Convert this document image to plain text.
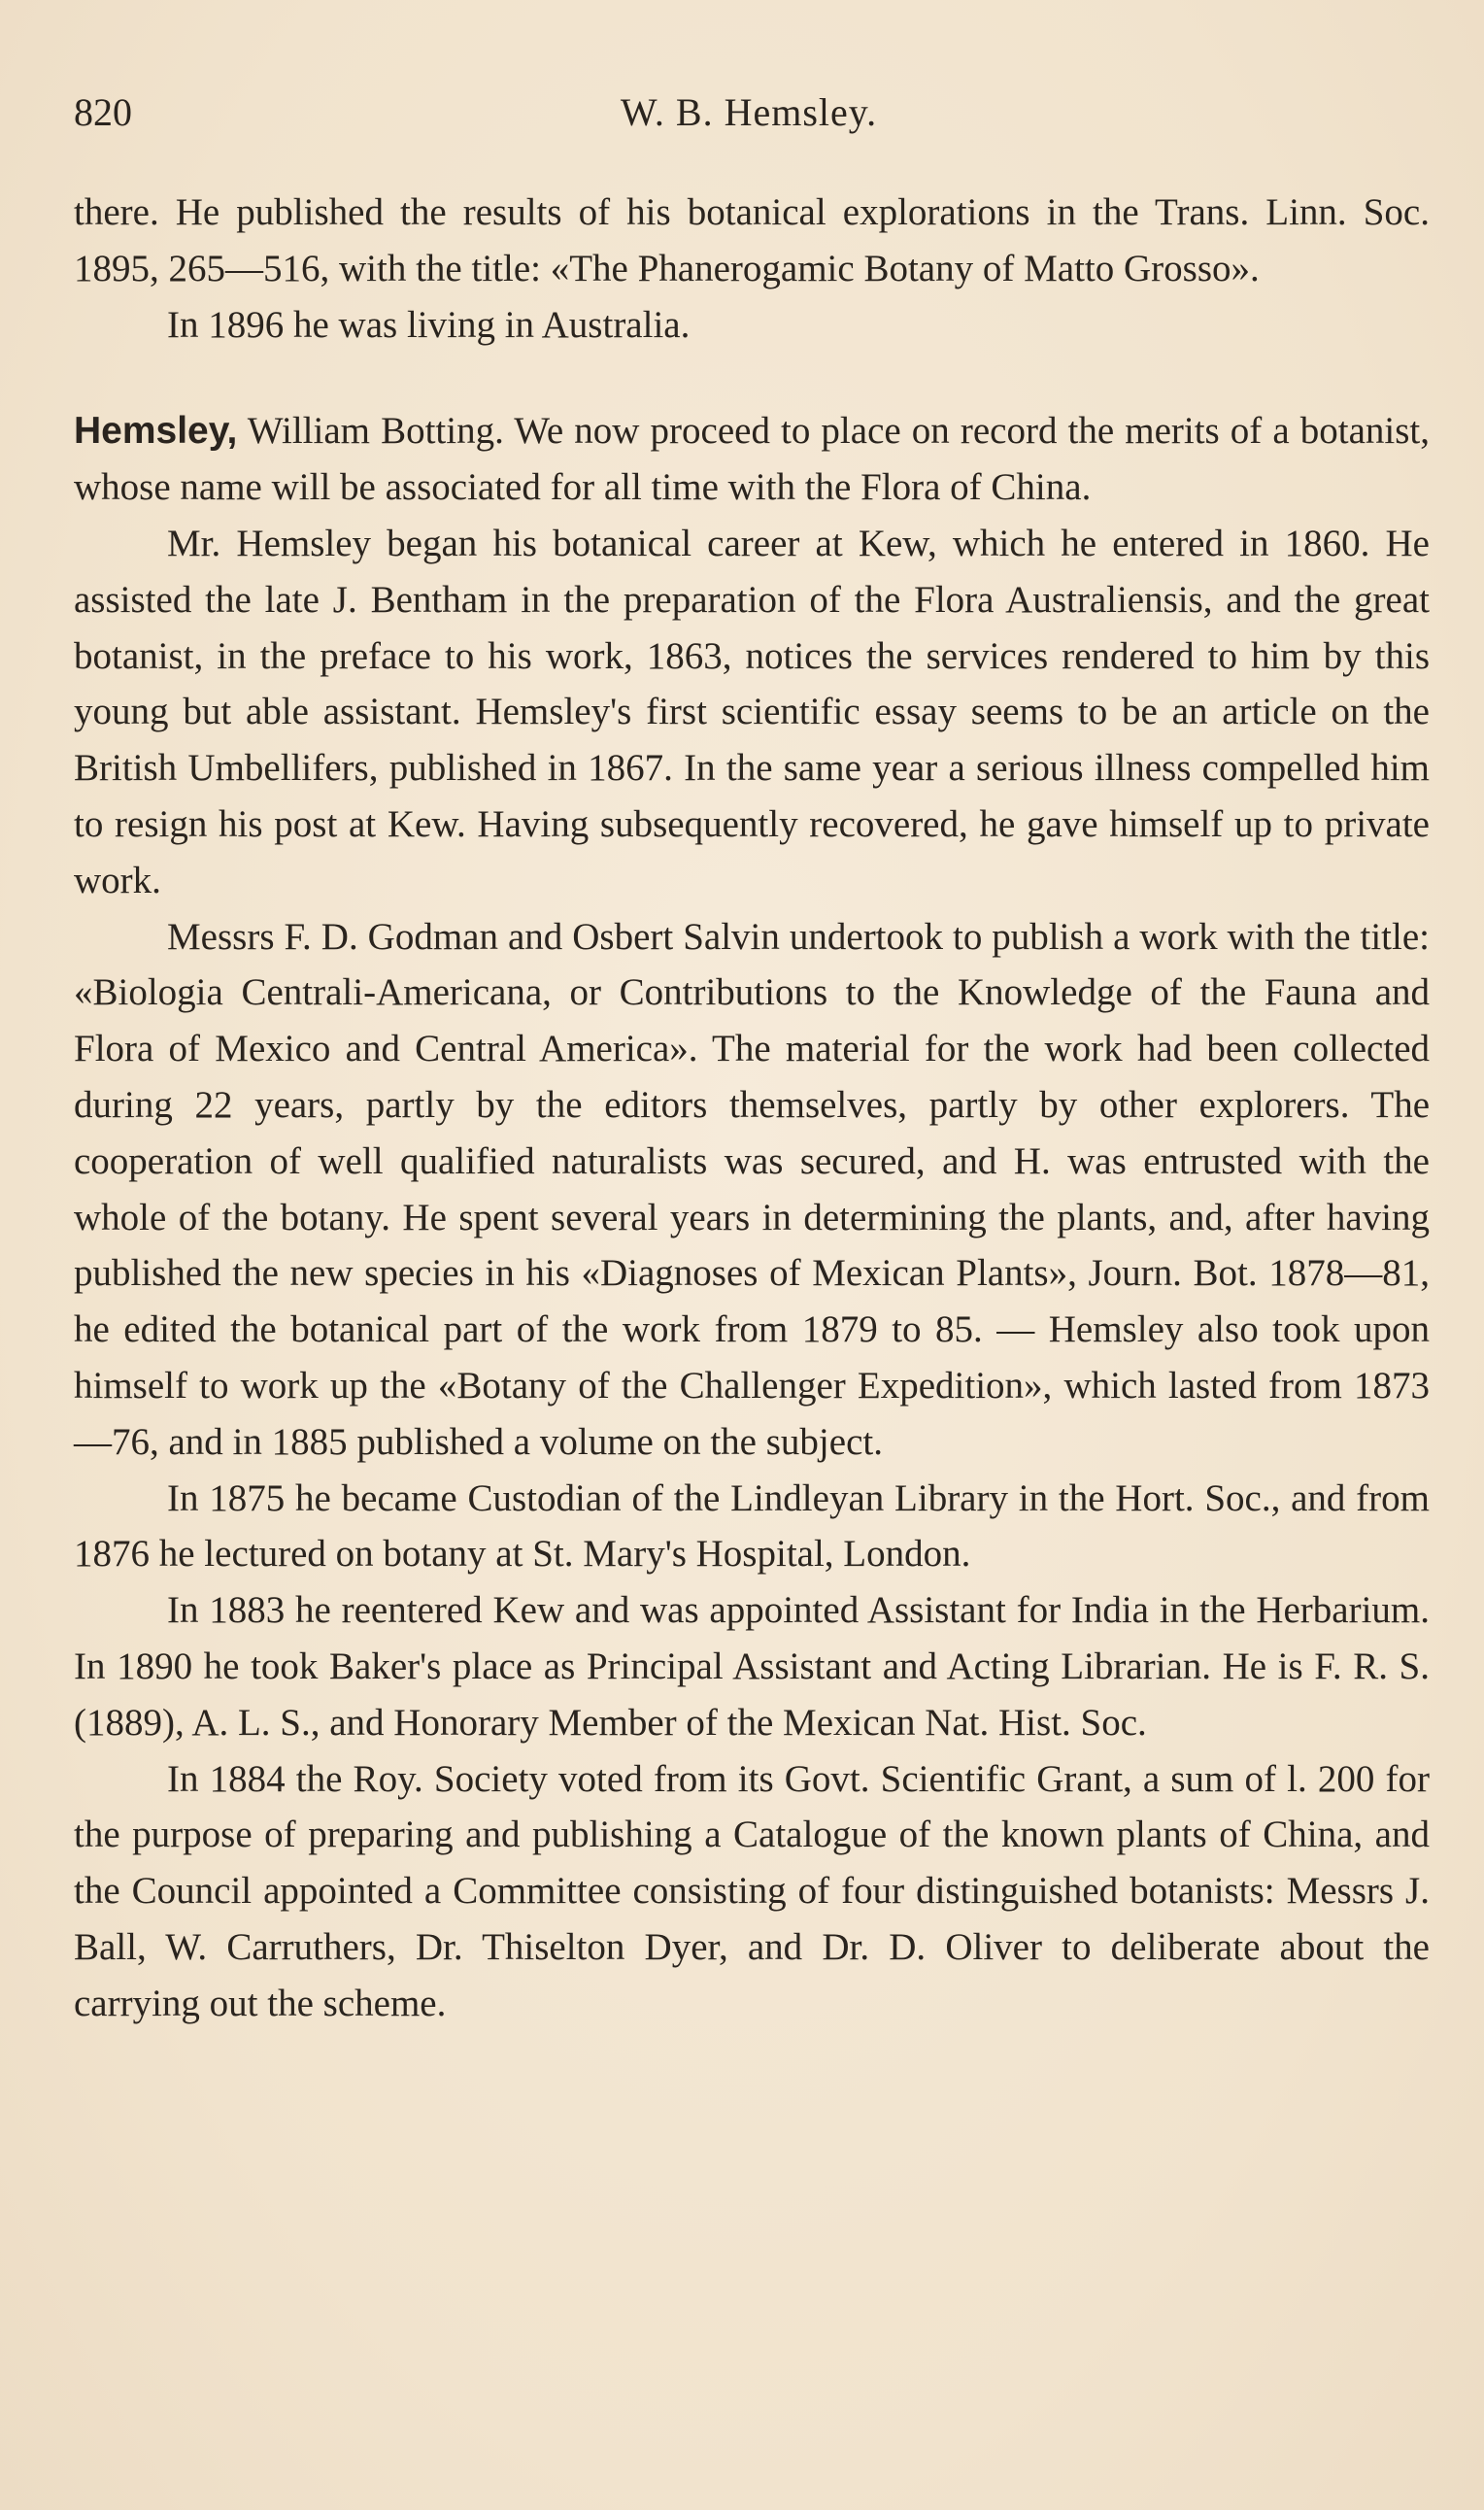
820	W. B. Hemsley.

there. He published the results of his botanical explorations in the Trans. Linn. Soc. 1895, 265—516, with the title: «The Phanerogamic Botany of Matto Grosso».

In 1896 he was living in Australia.

Hemsley, William Botting. We now proceed to place on record the merits of a botanist, whose name will be associated for all time with the Flora of China.

Mr. Hemsley began his botanical career at Kew, which he entered in 1860. He assisted the late J. Bentham in the preparation of the Flora Australiensis, and the great botanist, in the preface to his work, 1863, notices the services rendered to him by this young but able assistant. Hemsley's first scientific essay seems to be an article on the British Umbellifers, published in 1867. In the same year a serious illness compelled him to resign his post at Kew. Having subsequently recovered, he gave himself up to private work.

Messrs F. D. Godman and Osbert Salvin undertook to publish a work with the title: «Biologia Centrali-Americana, or Contributions to the Knowledge of the Fauna and Flora of Mexico and Central America». The material for the work had been collected during 22 years, partly by the editors themselves, partly by other explorers. The cooperation of well qualified naturalists was secured, and H. was entrusted with the whole of the botany. He spent several years in determining the plants, and, after having published the new species in his «Diagnoses of Mexican Plants», Journ. Bot. 1878—81, he edited the botanical part of the work from 1879 to 85. — Hemsley also took upon himself to work up the «Botany of the Challenger Expedition», which lasted from 1873—76, and in 1885 published a volume on the subject.

In 1875 he became Custodian of the Lindleyan Library in the Hort. Soc., and from 1876 he lectured on botany at St. Mary's Hospital, London.

In 1883 he reentered Kew and was appointed Assistant for India in the Herbarium. In 1890 he took Baker's place as Principal Assistant and Acting Librarian. He is F. R. S. (1889), A. L. S., and Honorary Member of the Mexican Nat. Hist. Soc.

In 1884 the Roy. Society voted from its Govt. Scientific Grant, a sum of l. 200 for the purpose of preparing and publishing a Catalogue of the known plants of China, and the Council appointed a Committee consisting of four distinguished botanists: Messrs J. Ball, W. Carruthers, Dr. Thiselton Dyer, and Dr. D. Oliver to deliberate about the carrying out the scheme.
